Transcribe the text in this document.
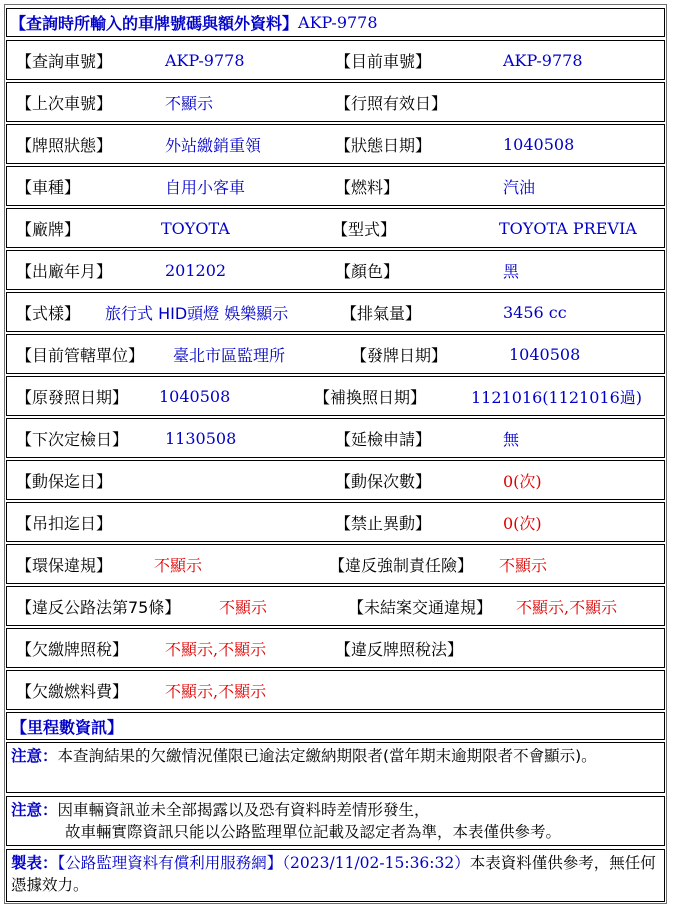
【查詢時所輸入的車牌號碼與額外資料】 AKP-9778
【查詢車號】	AKP-9778	【目前車號】	AKP-9778
【上次車號】	不顯示	【行照有效日】
【牌照狀態】	外站繳銷重領	【狀態日期】	1040508
【車種】	自用小客車	【燃料】	汽油
【廠牌】	TOYOTA	【型式】	TOYOTA PREVIA
【出廠年月】	201202	【顏色】	黑
【式樣】 旅行式 HID頭燈 娛樂顯示	【排氣量】	3456 cc
【目前管轄單位】 臺北市區監理所	【發牌日期】	1040508
【原發照日期】 1040508	【補換照日期】	1121016(1121016過)
【下次定檢日】 1130508	【延檢申請】	無
【動保迄日】	【動保次數】	0(次)
【吊扣迄日】	【禁止異動】	0(次)
【環保違規】	不顯示	【違反強制責任險】 不顯示
【違反公路法第75條】 不顯示	【未結案交通違規】 不顯示,不顯示
【欠繳牌照稅】 不顯示,不顯示	【違反牌照稅法】
【欠繳燃料費】 不顯示,不顯示
【里程數資訊】
注意：本查詢結果的欠繳情況僅限已逾法定繳納期限者(當年期末逾期限者不會顯示)。
注意：因車輛資訊並未全部揭露以及恐有資料時差情形發生，
故車輛實際資訊只能以公路監理單位記載及認定者為準，本表僅供參考。
製表：【公路監理資料有償利用服務網】（2023/11/02-15:36:32）本表資料僅供參考，無任何憑據效力。
